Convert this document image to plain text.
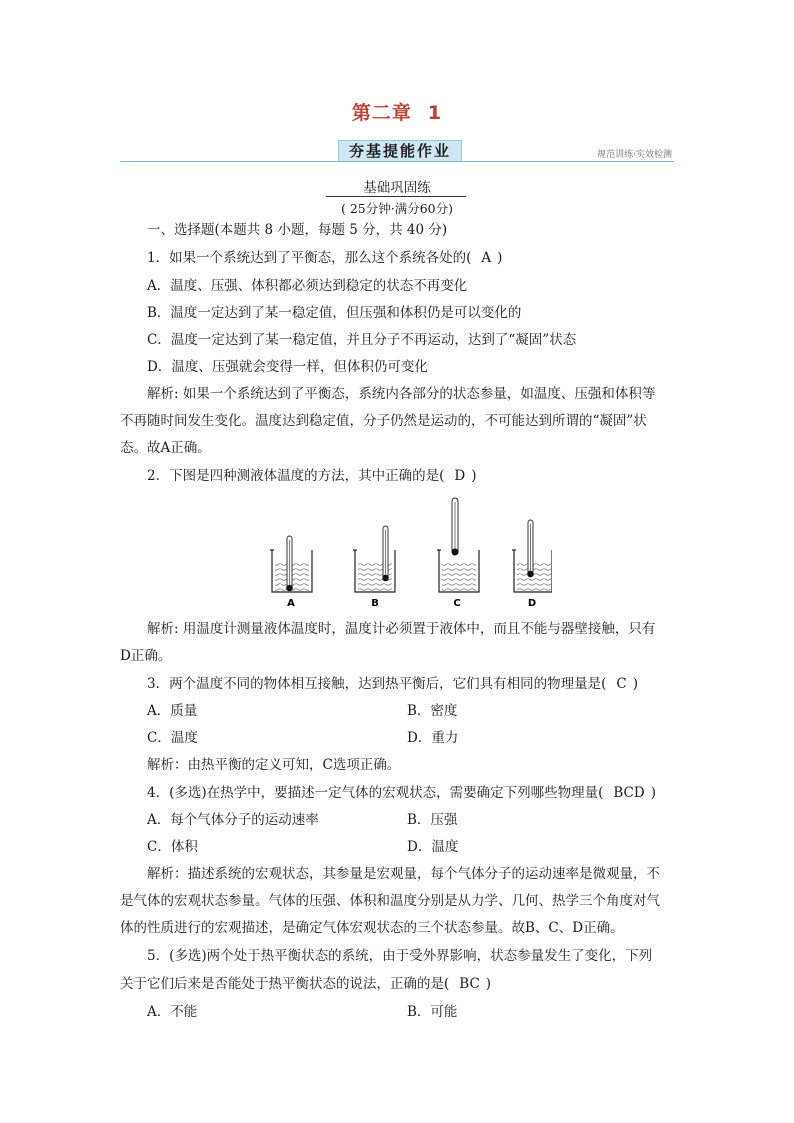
第二章 1
夯基提能作业	规范训练·实效检测
基础巩固练
( 25分钟·满分60分)
一、选择题(本题共 8 小题，每题 5 分，共 40 分)
1．如果一个系统达到了平衡态，那么这个系统各处的( A )
A．温度、压强、体积都必须达到稳定的状态不再变化
B．温度一定达到了某一稳定值，但压强和体积仍是可以变化的
C．温度一定达到了某一稳定值，并且分子不再运动，达到了“凝固”状态
D．温度、压强就会变得一样，但体积仍可变化
解析: 如果一个系统达到了平衡态，系统内各部分的状态参量，如温度、压强和体积等
不再随时间发生变化。温度达到稳定值，分子仍然是运动的，不可能达到所谓的“凝固”状
态。故A正确。
2．下图是四种测液体温度的方法，其中正确的是( D )
A	B	C	D
解析: 用温度计测量液体温度时，温度计必须置于液体中，而且不能与器壁接触，只有
D正确。
3．两个温度不同的物体相互接触，达到热平衡后，它们具有相同的物理量是( C )
A．质量	B．密度
C．温度	D．重力
解析：由热平衡的定义可知，C选项正确。
4．(多选)在热学中，要描述一定气体的宏观状态，需要确定下列哪些物理量( BCD )
A．每个气体分子的运动速率	B．压强
C．体积	D．温度
解析：描述系统的宏观状态，其参量是宏观量，每个气体分子的运动速率是微观量，不
是气体的宏观状态参量。气体的压强、体积和温度分别是从力学、几何、热学三个角度对气
体的性质进行的宏观描述，是确定气体宏观状态的三个状态参量。故B、C、D正确。
5．(多选)两个处于热平衡状态的系统，由于受外界影响，状态参量发生了变化，下列
关于它们后来是否能处于热平衡状态的说法，正确的是( BC )
A．不能	B．可能
